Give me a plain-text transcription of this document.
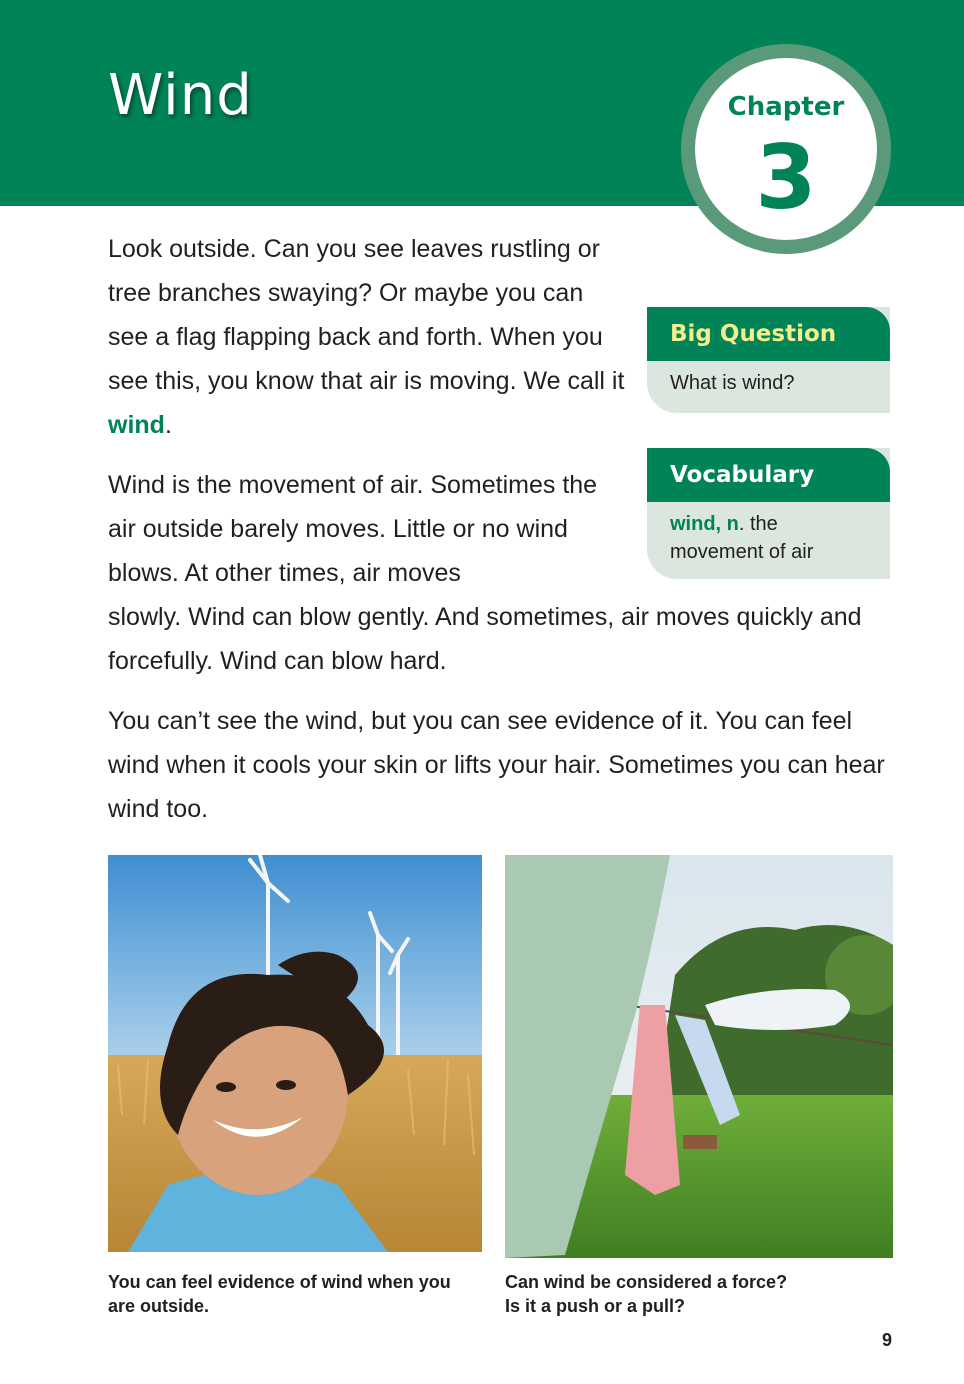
Wind	Chapter
3

Look outside. Can you see leaves rustling or tree branches swaying? Or maybe you can see a flag flapping back and forth. When you see this, you know that air is moving. We call it wind.

Wind is the movement of air. Sometimes the air outside barely moves. Little or no wind blows. At other times, air moves
slowly. Wind can blow gently. And sometimes, air moves quickly and forcefully. Wind can blow hard.

You can’t see the wind, but you can see evidence of it. You can feel wind when it cools your skin or lifts your hair. Sometimes you can hear wind too.

Big Question
What is wind?
Vocabulary
wind, n. the movement of air

You can feel evidence of wind when you are outside.

Can wind be considered a force?
Is it a push or a pull?

9
